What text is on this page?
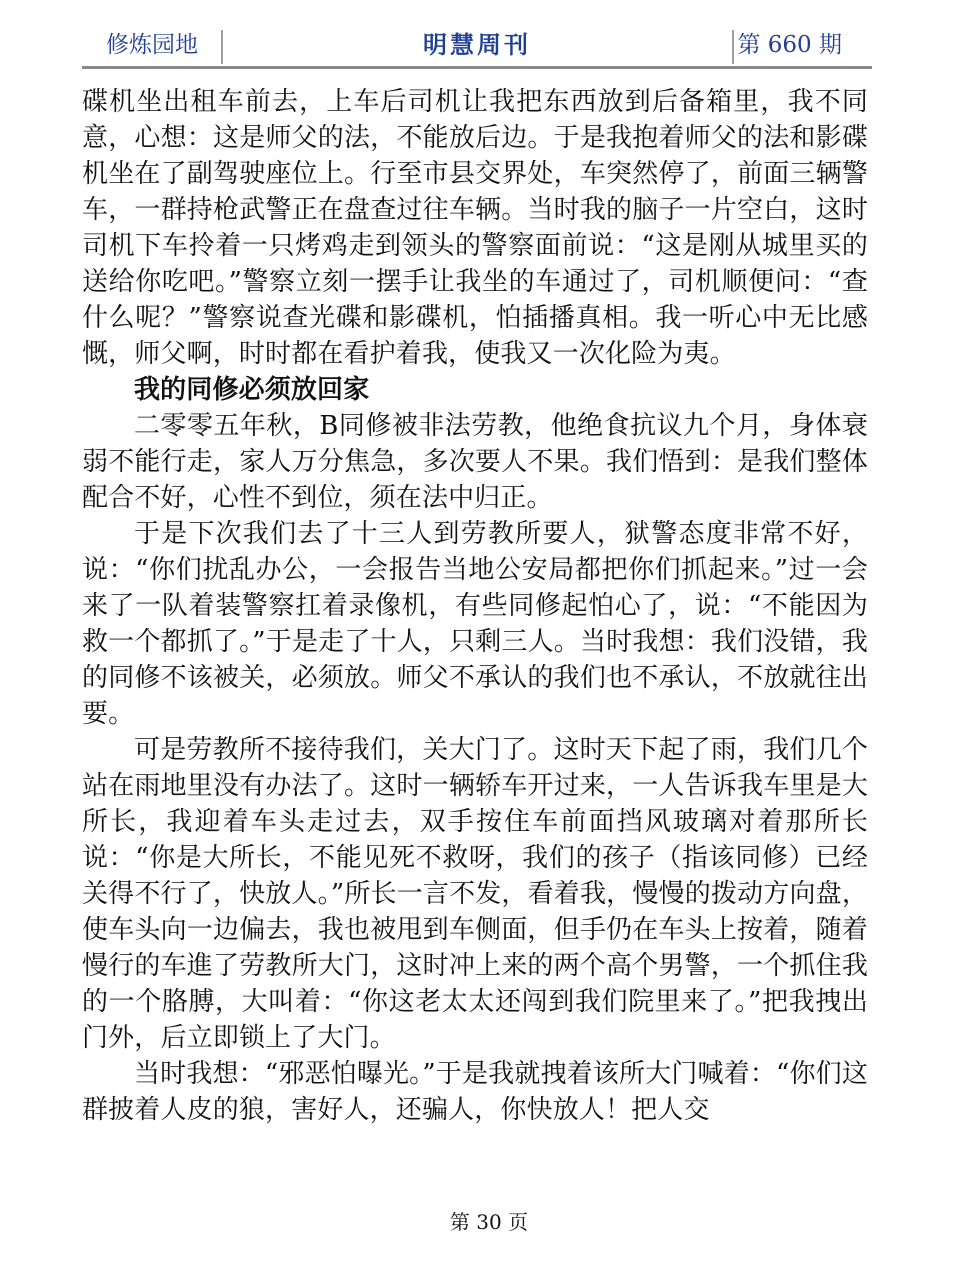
修炼园地	明慧周刊	第 660 期

碟机坐出租车前去，上车后司机让我把东西放到后备箱里，我不同意，心想：这是师父的法，不能放后边。于是我抱着师父的法和影碟机坐在了副驾驶座位上。行至市县交界处，车突然停了，前面三辆警车，一群持枪武警正在盘查过往车辆。当时我的脑子一片空白，这时司机下车拎着一只烤鸡走到领头的警察面前说：“这是刚从城里买的送给你吃吧。”警察立刻一摆手让我坐的车通过了，司机顺便问：“查什么呢？”警察说查光碟和影碟机，怕插播真相。我一听心中无比感慨，师父啊，时时都在看护着我，使我又一次化险为夷。

我的同修必须放回家

二零零五年秋，B同修被非法劳教，他绝食抗议九个月，身体衰弱不能行走，家人万分焦急，多次要人不果。我们悟到：是我们整体配合不好，心性不到位，须在法中归正。

于是下次我们去了十三人到劳教所要人，狱警态度非常不好，说：“你们扰乱办公，一会报告当地公安局都把你们抓起来。”过一会来了一队着装警察扛着录像机，有些同修起怕心了，说：“不能因为救一个都抓了。”于是走了十人，只剩三人。当时我想：我们没错，我的同修不该被关，必须放。师父不承认的我们也不承认，不放就往出要。

可是劳教所不接待我们，关大门了。这时天下起了雨，我们几个站在雨地里没有办法了。这时一辆轿车开过来，一人告诉我车里是大所长，我迎着车头走过去，双手按住车前面挡风玻璃对着那所长说：“你是大所长，不能见死不救呀，我们的孩子（指该同修）已经关得不行了，快放人。”所长一言不发，看着我，慢慢的拨动方向盘，使车头向一边偏去，我也被甩到车侧面，但手仍在车头上按着，随着慢行的车進了劳教所大门，这时冲上来的两个高个男警，一个抓住我的一个胳膊，大叫着：“你这老太太还闯到我们院里来了。”把我拽出门外，后立即锁上了大门。

当时我想：“邪恶怕曝光。”于是我就拽着该所大门喊着：“你们这群披着人皮的狼，害好人，还骗人，你快放人！把人交

第 30 页
